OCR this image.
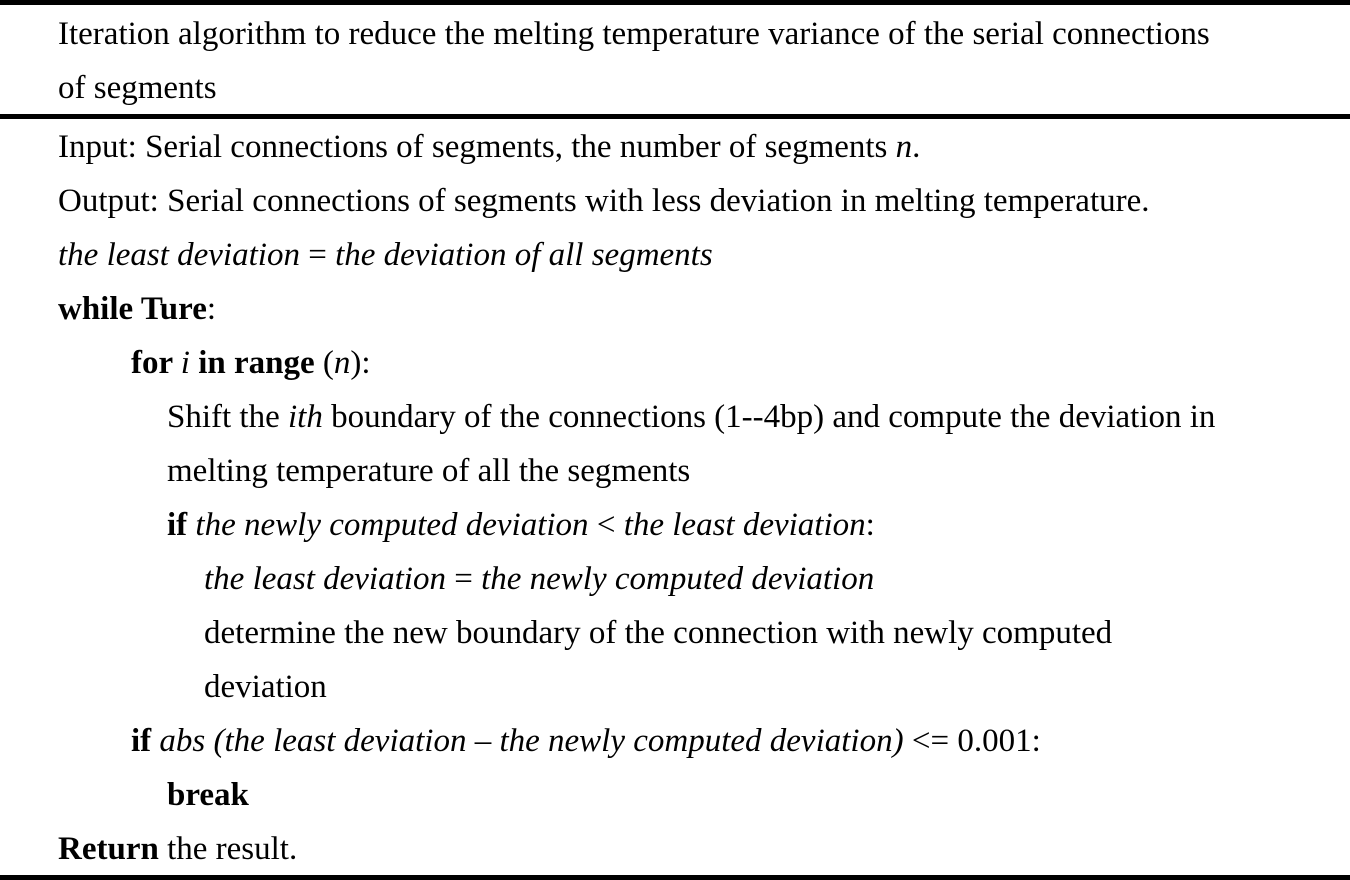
Iteration algorithm to reduce the melting temperature variance of the serial connections
of segments
Input: Serial connections of segments, the number of segments n.
Output: Serial connections of segments with less deviation in melting temperature.
the least deviation = the deviation of all segments
while Ture:
for i in range (n):
Shift the ith boundary of the connections (1--4bp) and compute the deviation in
melting temperature of all the segments
if the newly computed deviation < the least deviation:
the least deviation = the newly computed deviation
determine the new boundary of the connection with newly computed
deviation
if abs (the least deviation – the newly computed deviation) <= 0.001:
break
Return the result.
